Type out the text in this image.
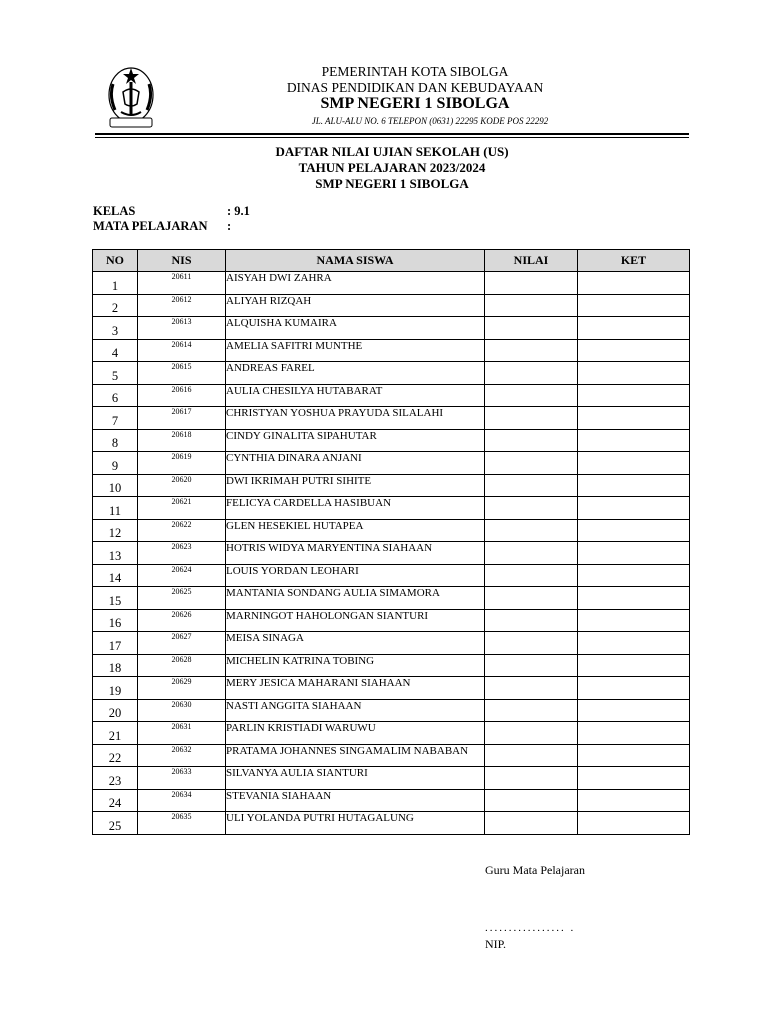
PEMERINTAH KOTA SIBOLGA
DINAS PENDIDIKAN DAN KEBUDAYAAN
SMP NEGERI 1 SIBOLGA
JL. ALU-ALU NO. 6 TELEPON (0631) 22295 KODE POS 22292
DAFTAR NILAI UJIAN SEKOLAH (US)
TAHUN PELAJARAN 2023/2024
SMP NEGERI 1 SIBOLGA
KELAS	: 9.1
MATA PELAJARAN :
NO	NIS	NAMA SISWA	NILAI	KET
1	20611	AISYAH DWI ZAHRA		
2	20612	ALIYAH RIZQAH		
3	20613	ALQUISHA KUMAIRA		
4	20614	AMELIA SAFITRI MUNTHE		
5	20615	ANDREAS FAREL		
6	20616	AULIA CHESILYA HUTABARAT		
7	20617	CHRISTYAN YOSHUA PRAYUDA SILALAHI		
8	20618	CINDY GINALITA SIPAHUTAR		
9	20619	CYNTHIA DINARA ANJANI		
10	20620	DWI IKRIMAH PUTRI SIHITE		
11	20621	FELICYA CARDELLA HASIBUAN		
12	20622	GLEN HESEKIEL HUTAPEA		
13	20623	HOTRIS WIDYA MARYENTINA SIAHAAN		
14	20624	LOUIS YORDAN LEOHARI		
15	20625	MANTANIA SONDANG AULIA SIMAMORA		
16	20626	MARNINGOT HAHOLONGAN SIANTURI		
17	20627	MEISA SINAGA		
18	20628	MICHELIN KATRINA TOBING		
19	20629	MERY JESICA MAHARANI SIAHAAN		
20	20630	NASTI ANGGITA SIAHAAN		
21	20631	PARLIN KRISTIADI WARUWU		
22	20632	PRATAMA JOHANNES SINGAMALIM NABABAN		
23	20633	SILVANYA AULIA SIANTURI		
24	20634	STEVANIA SIAHAAN		
25	20635	ULI YOLANDA PUTRI HUTAGALUNG		
Guru Mata Pelajaran
................. .
NIP.
